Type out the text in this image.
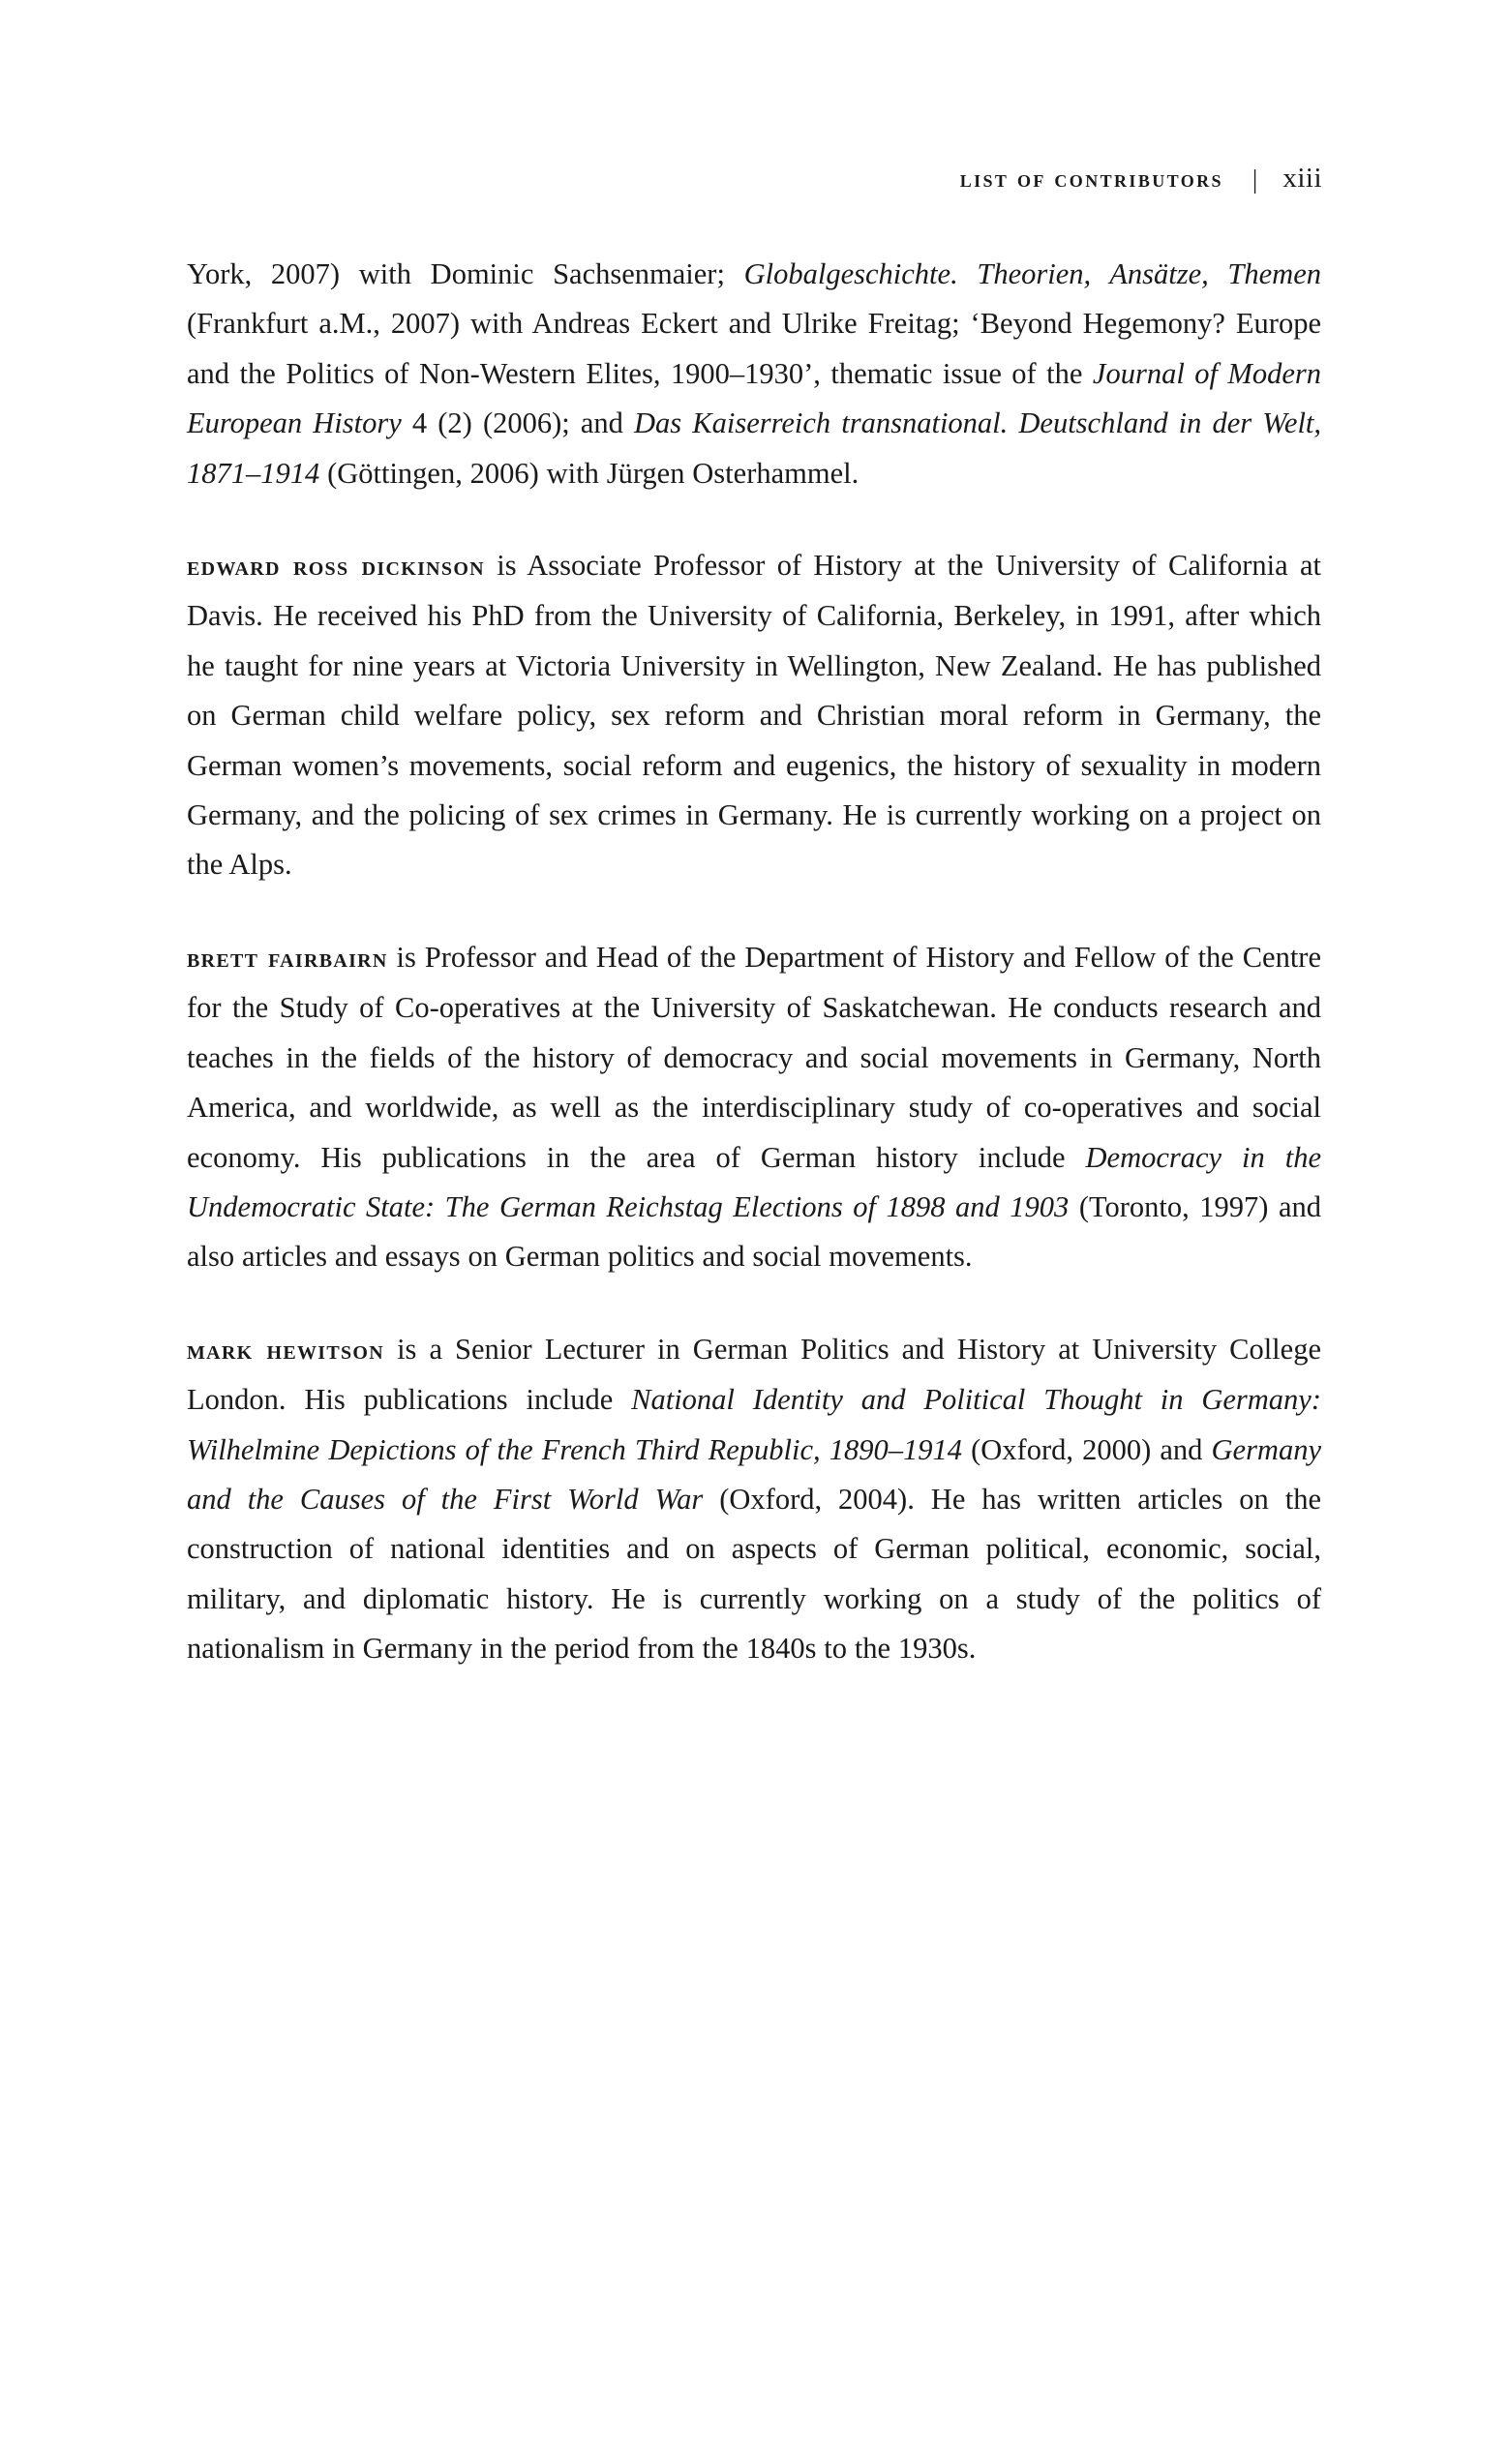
list of contributors | xiii

York, 2007) with Dominic Sachsenmaier; Globalgeschichte. Theorien, Ansätze, Themen (Frankfurt a.M., 2007) with Andreas Eckert and Ulrike Freitag; ‘Beyond Hegemony? Europe and the Politics of Non-Western Elites, 1900–1930’, thematic issue of the Journal of Modern European History 4 (2) (2006); and Das Kaiserreich transnational. Deutschland in der Welt, 1871–1914 (Göttingen, 2006) with Jürgen Osterhammel.

edward ross dickinson is Associate Professor of History at the University of California at Davis. He received his PhD from the University of California, Berkeley, in 1991, after which he taught for nine years at Victoria University in Wellington, New Zealand. He has published on German child welfare policy, sex reform and Christian moral reform in Germany, the German women’s movements, social reform and eugenics, the history of sexuality in modern Germany, and the policing of sex crimes in Germany. He is currently working on a project on the Alps.

brett fairbairn is Professor and Head of the Department of History and Fellow of the Centre for the Study of Co-operatives at the University of Saskatchewan. He conducts research and teaches in the fields of the history of democracy and social movements in Germany, North America, and worldwide, as well as the interdisciplinary study of co-operatives and social economy. His publications in the area of German history include Democracy in the Undemocratic State: The German Reichstag Elections of 1898 and 1903 (Toronto, 1997) and also articles and essays on German politics and social movements.

mark hewitson is a Senior Lecturer in German Politics and History at University College London. His publications include National Identity and Political Thought in Germany: Wilhelmine Depictions of the French Third Republic, 1890–1914 (Oxford, 2000) and Germany and the Causes of the First World War (Oxford, 2004). He has written articles on the construction of national identities and on aspects of German political, economic, social, military, and diplomatic history. He is currently working on a study of the politics of nationalism in Germany in the period from the 1840s to the 1930s.
